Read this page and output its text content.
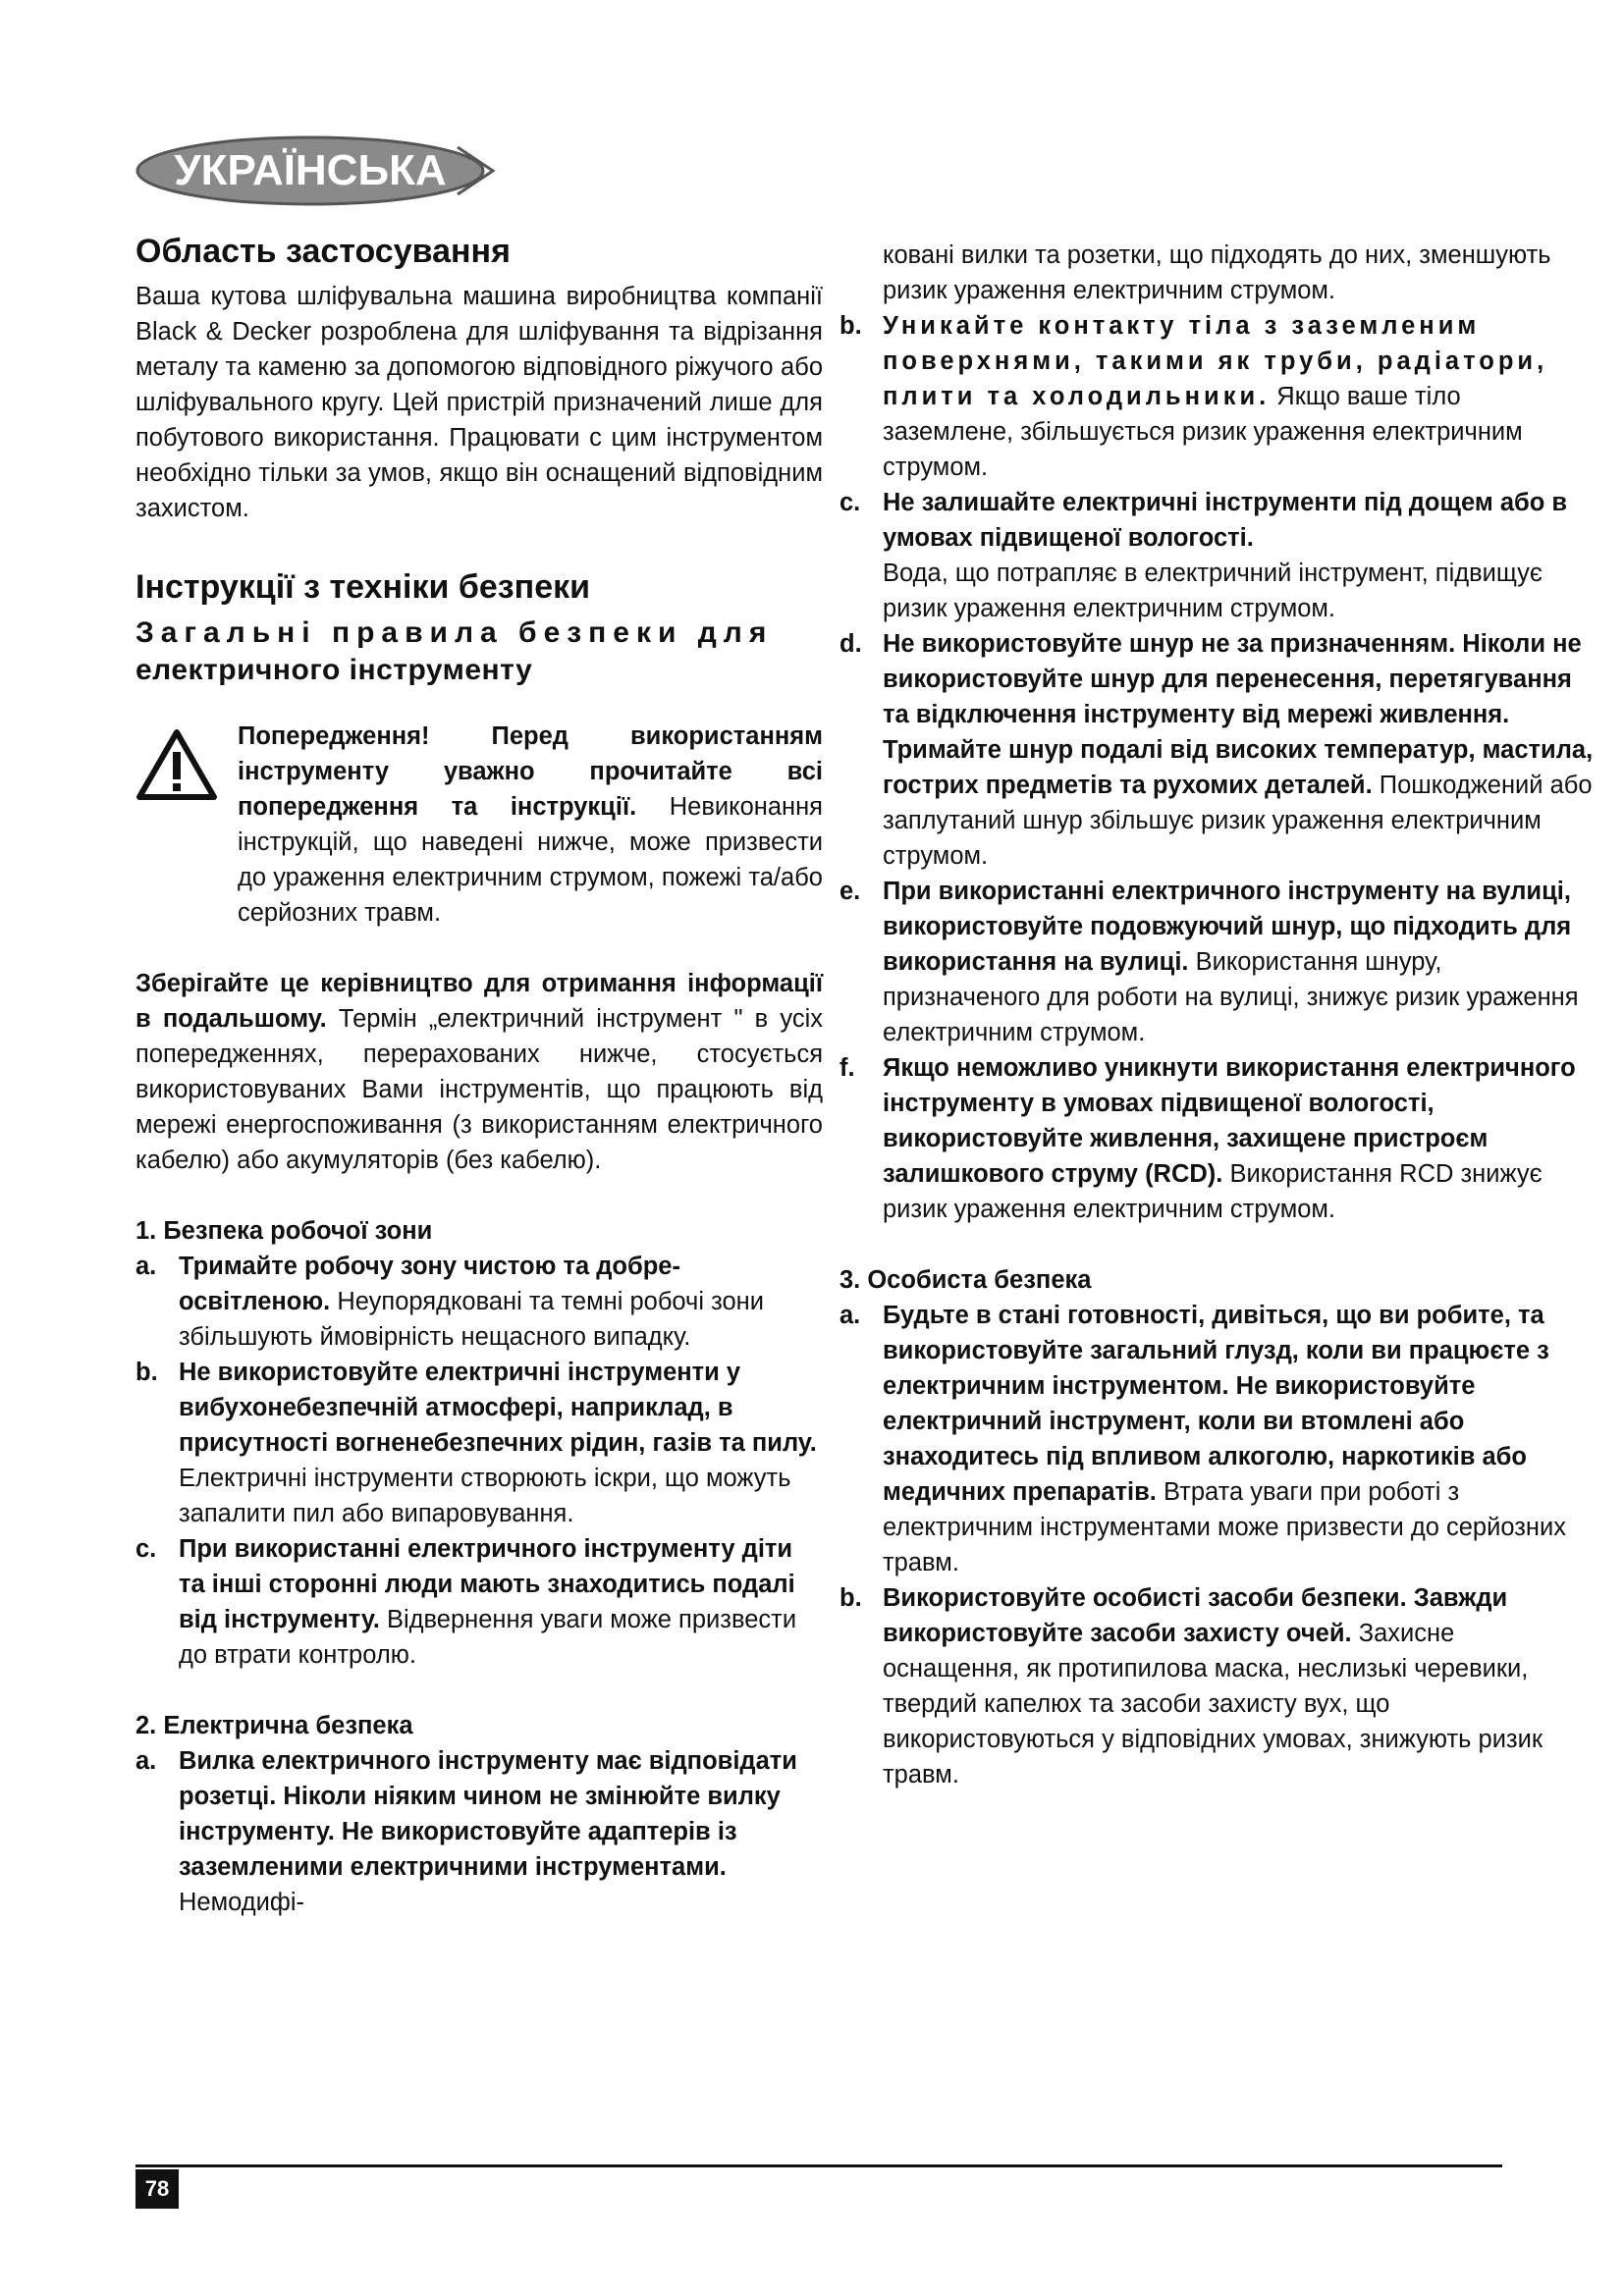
УКРАЇНСЬКА
Область застосування

Ваша кутова шліфувальна машина виробництва компанії Black & Decker розроблена для шліфування та відрізання металу та каменю за допомогою відповідного ріжучого або шліфувального кругу. Цей пристрій призначений лише для побутового використання. Працювати с цим інструментом необхідно тільки за умов, якщо він оснащений відповідним захистом.

Інструкції з техніки безпеки
Загальні правила безпеки для
електричного інструменту

Попередження! Перед використанням інструменту уважно прочитайте всі попередження та інструкції. Невиконання інструкцій, що наведені нижче, може призвести до ураження електричним струмом, пожежі та/або серйозних травм.

Зберігайте це керівництво для отримання інформації в подальшому. Термін „електричний інструмент " в усіх попередженнях, перерахованих нижче, стосується використовуваних Вами інструментів, що працюють від мережі енергоспоживання (з використанням електричного кабелю) або акумуляторів (без кабелю).

1. Безпека робочої зони

a. Тримайте робочу зону чистою та добре-освітленою. Неупорядковані та темні робочі зони збільшують ймовірність нещасного випадку.
b. Не використовуйте електричні інструменти у вибухонебезпечній атмосфері, наприклад, в присутності вогненебезпечних рідин, газів та пилу. Електричні інструменти створюють іскри, що можуть запалити пил або випаровування.
c. При використанні електричного інструменту діти та інші сторонні люди мають знаходитись подалі від інструменту. Відвернення уваги може призвести до втрати контролю.

2. Електрична безпека

a. Вилка електричного інструменту має відповідати розетці. Ніколи ніяким чином не змінюйте вилку інструменту. Не використовуйте адаптерів із заземленими електричними інструментами. Немодифі-
ковані вилки та розетки, що підходять до них, зменшують ризик ураження електричним струмом.
b. Уникайте контакту тіла з заземленим поверхнями, такими як труби, радіатори, плити та холодильники. Якщо ваше тіло заземлене, збільшується ризик ураження електричним струмом.
c. Не залишайте електричні інструменти під дощем або в умовах підвищеної вологості.
Вода, що потрапляє в електричний інструмент, підвищує ризик ураження електричним струмом.
d. Не використовуйте шнур не за призначенням. Ніколи не використовуйте шнур для перенесення, перетягування та відключення інструменту від мережі живлення. Тримайте шнур подалі від високих температур, мастила, гострих предметів та рухомих деталей. Пошкоджений або заплутаний шнур збільшує ризик ураження електричним струмом.
e. При використанні електричного інструменту на вулиці, використовуйте подовжуючий шнур, що підходить для використання на вулиці. Використання шнуру, призначеного для роботи на вулиці, знижує ризик ураження електричним струмом.
f. Якщо неможливо уникнути використання електричного інструменту в умовах підвищеної вологості, використовуйте живлення, захищене пристроєм залишкового струму (RCD). Використання RCD знижує ризик ураження електричним струмом.

3. Особиста безпека

a. Будьте в стані готовності, дивіться, що ви робите, та використовуйте загальний глузд, коли ви працюєте з електричним інструментом. Не використовуйте електричний інструмент, коли ви втомлені або знаходитесь під впливом алкоголю, наркотиків або медичних препаратів. Втрата уваги при роботі з електричним інструментами може призвести до серйозних травм.
b. Використовуйте особисті засоби безпеки. Завжди використовуйте засоби захисту очей. Захисне оснащення, як протипилова маска, неслизькі черевики, твердий капелюх та засоби захисту вух, що використовуються у відповідних умовах, знижують ризик травм.
78
